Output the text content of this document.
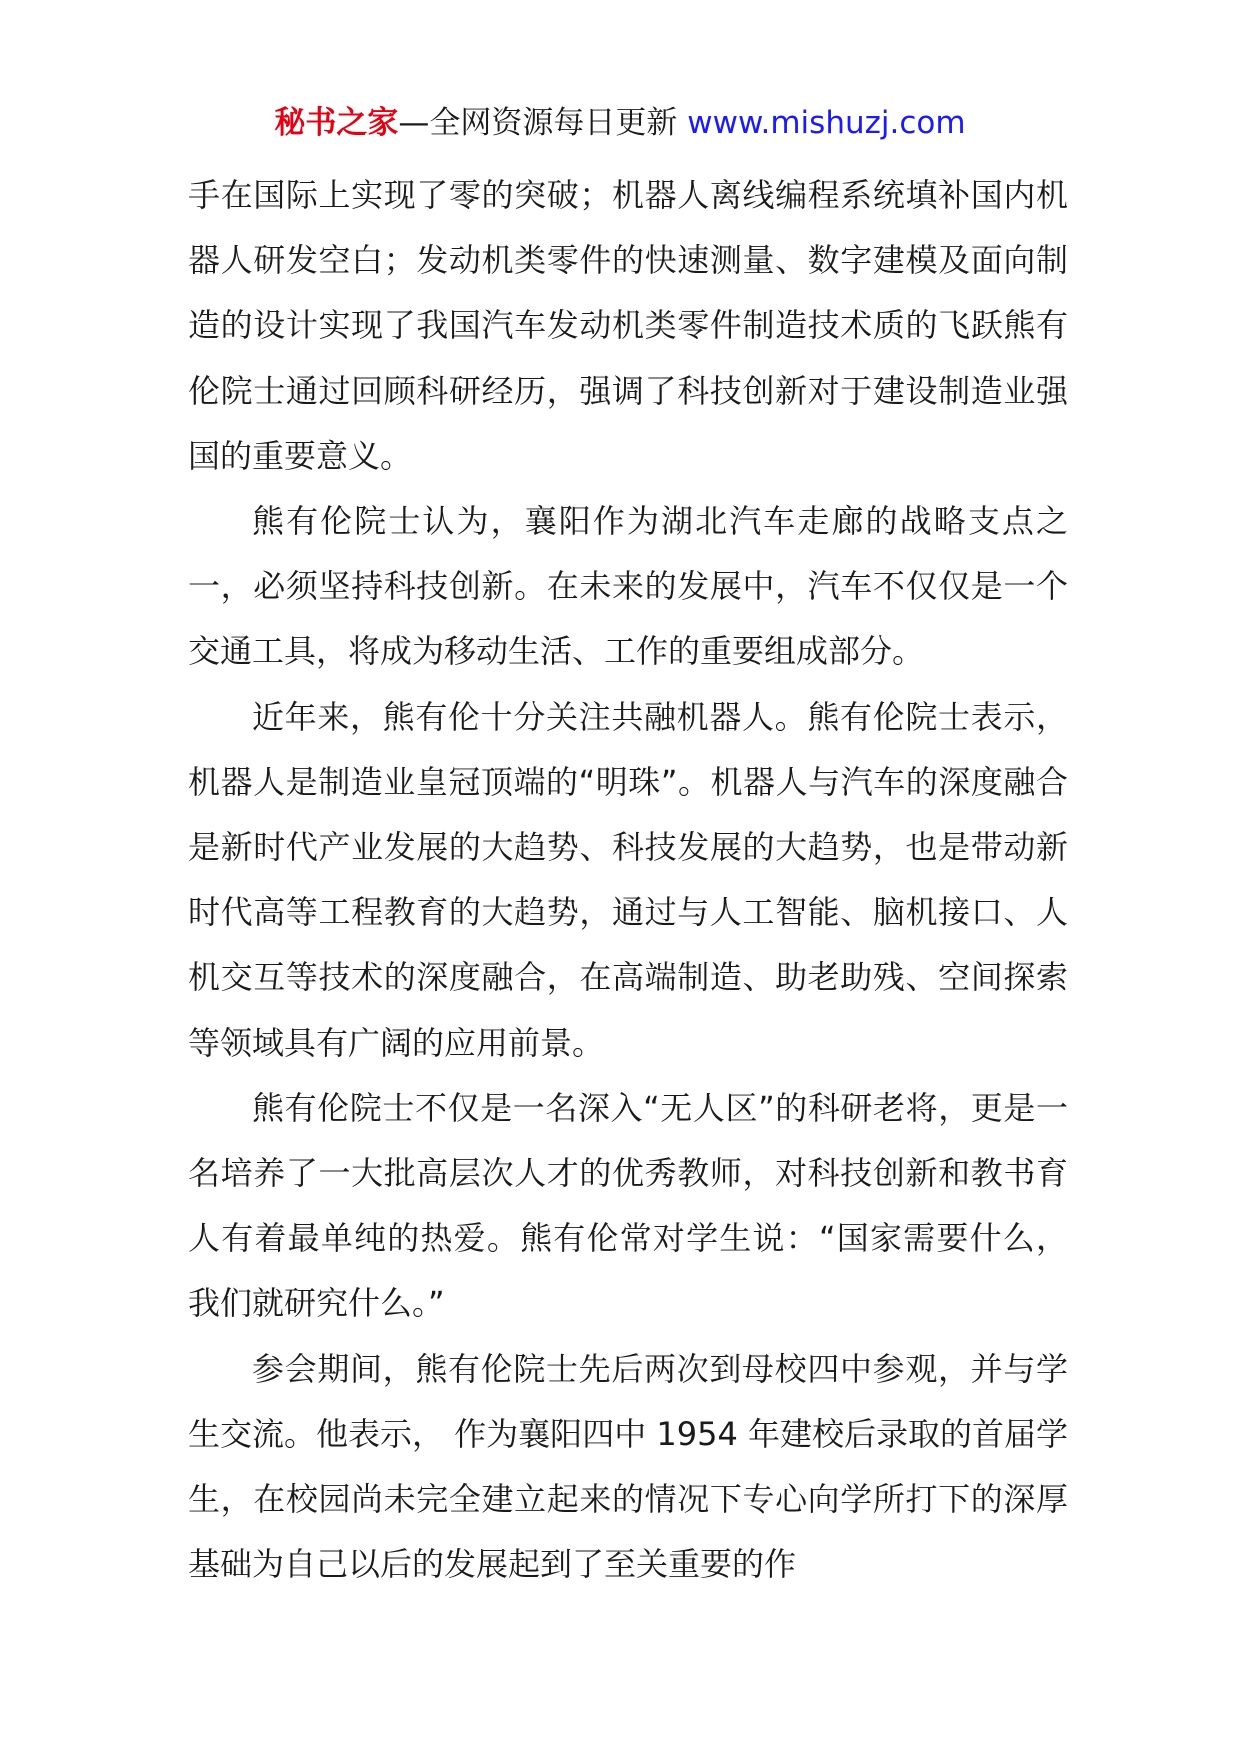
秘书之家—全网资源每日更新 www.mishuzj.com

手在国际上实现了零的突破；机器人离线编程系统填补国内机器人研发空白；发动机类零件的快速测量、数字建模及面向制造的设计实现了我国汽车发动机类零件制造技术质的飞跃熊有伦院士通过回顾科研经历，强调了科技创新对于建设制造业强国的重要意义。

熊有伦院士认为，襄阳作为湖北汽车走廊的战略支点之一，必须坚持科技创新。在未来的发展中，汽车不仅仅是一个交通工具，将成为移动生活、工作的重要组成部分。

近年来，熊有伦十分关注共融机器人。熊有伦院士表示，机器人是制造业皇冠顶端的“明珠”。机器人与汽车的深度融合是新时代产业发展的大趋势、科技发展的大趋势，也是带动新时代高等工程教育的大趋势，通过与人工智能、脑机接口、人机交互等技术的深度融合，在高端制造、助老助残、空间探索等领域具有广阔的应用前景。

熊有伦院士不仅是一名深入“无人区”的科研老将，更是一名培养了一大批高层次人才的优秀教师，对科技创新和教书育人有着最单纯的热爱。熊有伦常对学生说：“国家需要什么，我们就研究什么。”

参会期间，熊有伦院士先后两次到母校四中参观，并与学生交流。他表示， 作为襄阳四中 1954 年建校后录取的首届学生，在校园尚未完全建立起来的情况下专心向学所打下的深厚基础为自己以后的发展起到了至关重要的作
